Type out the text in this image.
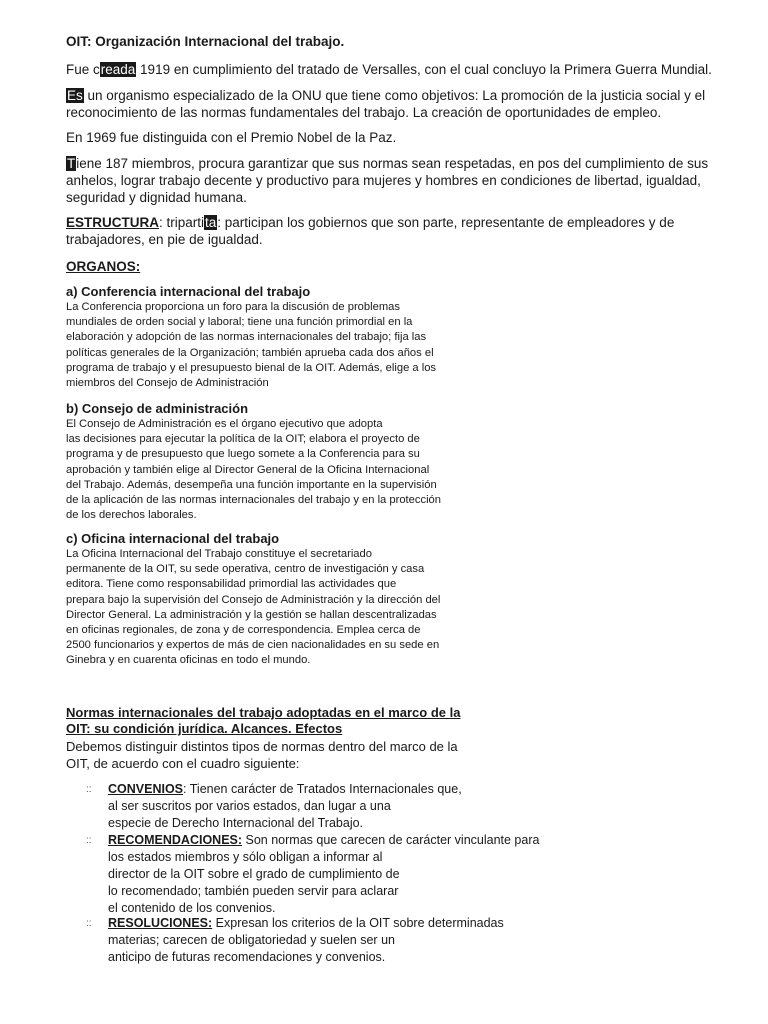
OIT: Organización Internacional del trabajo.
Fue creada 1919 en cumplimiento del tratado de Versalles, con el cual concluyo la Primera Guerra Mundial.
Es un organismo especializado de la ONU que tiene como objetivos: La promoción de la justicia social y el
reconocimiento de las normas fundamentales del trabajo. La creación de oportunidades de empleo.
En 1969 fue distinguida con el Premio Nobel de la Paz.
Tiene 187 miembros, procura garantizar que sus normas sean respetadas, en pos del cumplimiento de sus
anhelos, lograr trabajo decente y productivo para mujeres y hombres en condiciones de libertad, igualdad,
seguridad y dignidad humana.
ESTRUCTURA: tripartita: participan los gobiernos que son parte, representante de empleadores y de
trabajadores, en pie de igualdad.
ORGANOS:
a) Conferencia internacional del trabajo
La Conferencia proporciona un foro para la discusión de problemas
mundiales de orden social y laboral; tiene una función primordial en la
elaboración y adopción de las normas internacionales del trabajo; fija las
políticas generales de la Organización; también aprueba cada dos años el
programa de trabajo y el presupuesto bienal de la OIT. Además, elige a los
miembros del Consejo de Administración
b) Consejo de administración
El Consejo de Administración es el órgano ejecutivo que adopta
las decisiones para ejecutar la política de la OIT; elabora el proyecto de
programa y de presupuesto que luego somete a la Conferencia para su
aprobación y también elige al Director General de la Oficina Internacional
del Trabajo. Además, desempeña una función importante en la supervisión
de la aplicación de las normas internacionales del trabajo y en la protección
de los derechos laborales.
c) Oficina internacional del trabajo
La Oficina Internacional del Trabajo constituye el secretariado
permanente de la OIT, su sede operativa, centro de investigación y casa
editora. Tiene como responsabilidad primordial las actividades que
prepara bajo la supervisión del Consejo de Administración y la dirección del
Director General. La administración y la gestión se hallan descentralizadas
en oficinas regionales, de zona y de correspondencia. Emplea cerca de
2500 funcionarios y expertos de más de cien nacionalidades en su sede en
Ginebra y en cuarenta oficinas en todo el mundo.
Normas internacionales del trabajo adoptadas en el marco de la
OIT: su condición jurídica. Alcances. Efectos
Debemos distinguir distintos tipos de normas dentro del marco de la
OIT, de acuerdo con el cuadro siguiente:
:: CONVENIOS: Tienen carácter de Tratados Internacionales que,
al ser suscritos por varios estados, dan lugar a una
especie de Derecho Internacional del Trabajo.
:: RECOMENDACIONES: Son normas que carecen de carácter vinculante para
los estados miembros y sólo obligan a informar al
director de la OIT sobre el grado de cumplimiento de
lo recomendado; también pueden servir para aclarar
el contenido de los convenios.
:: RESOLUCIONES: Expresan los criterios de la OIT sobre determinadas
materias; carecen de obligatoriedad y suelen ser un
anticipo de futuras recomendaciones y convenios.
